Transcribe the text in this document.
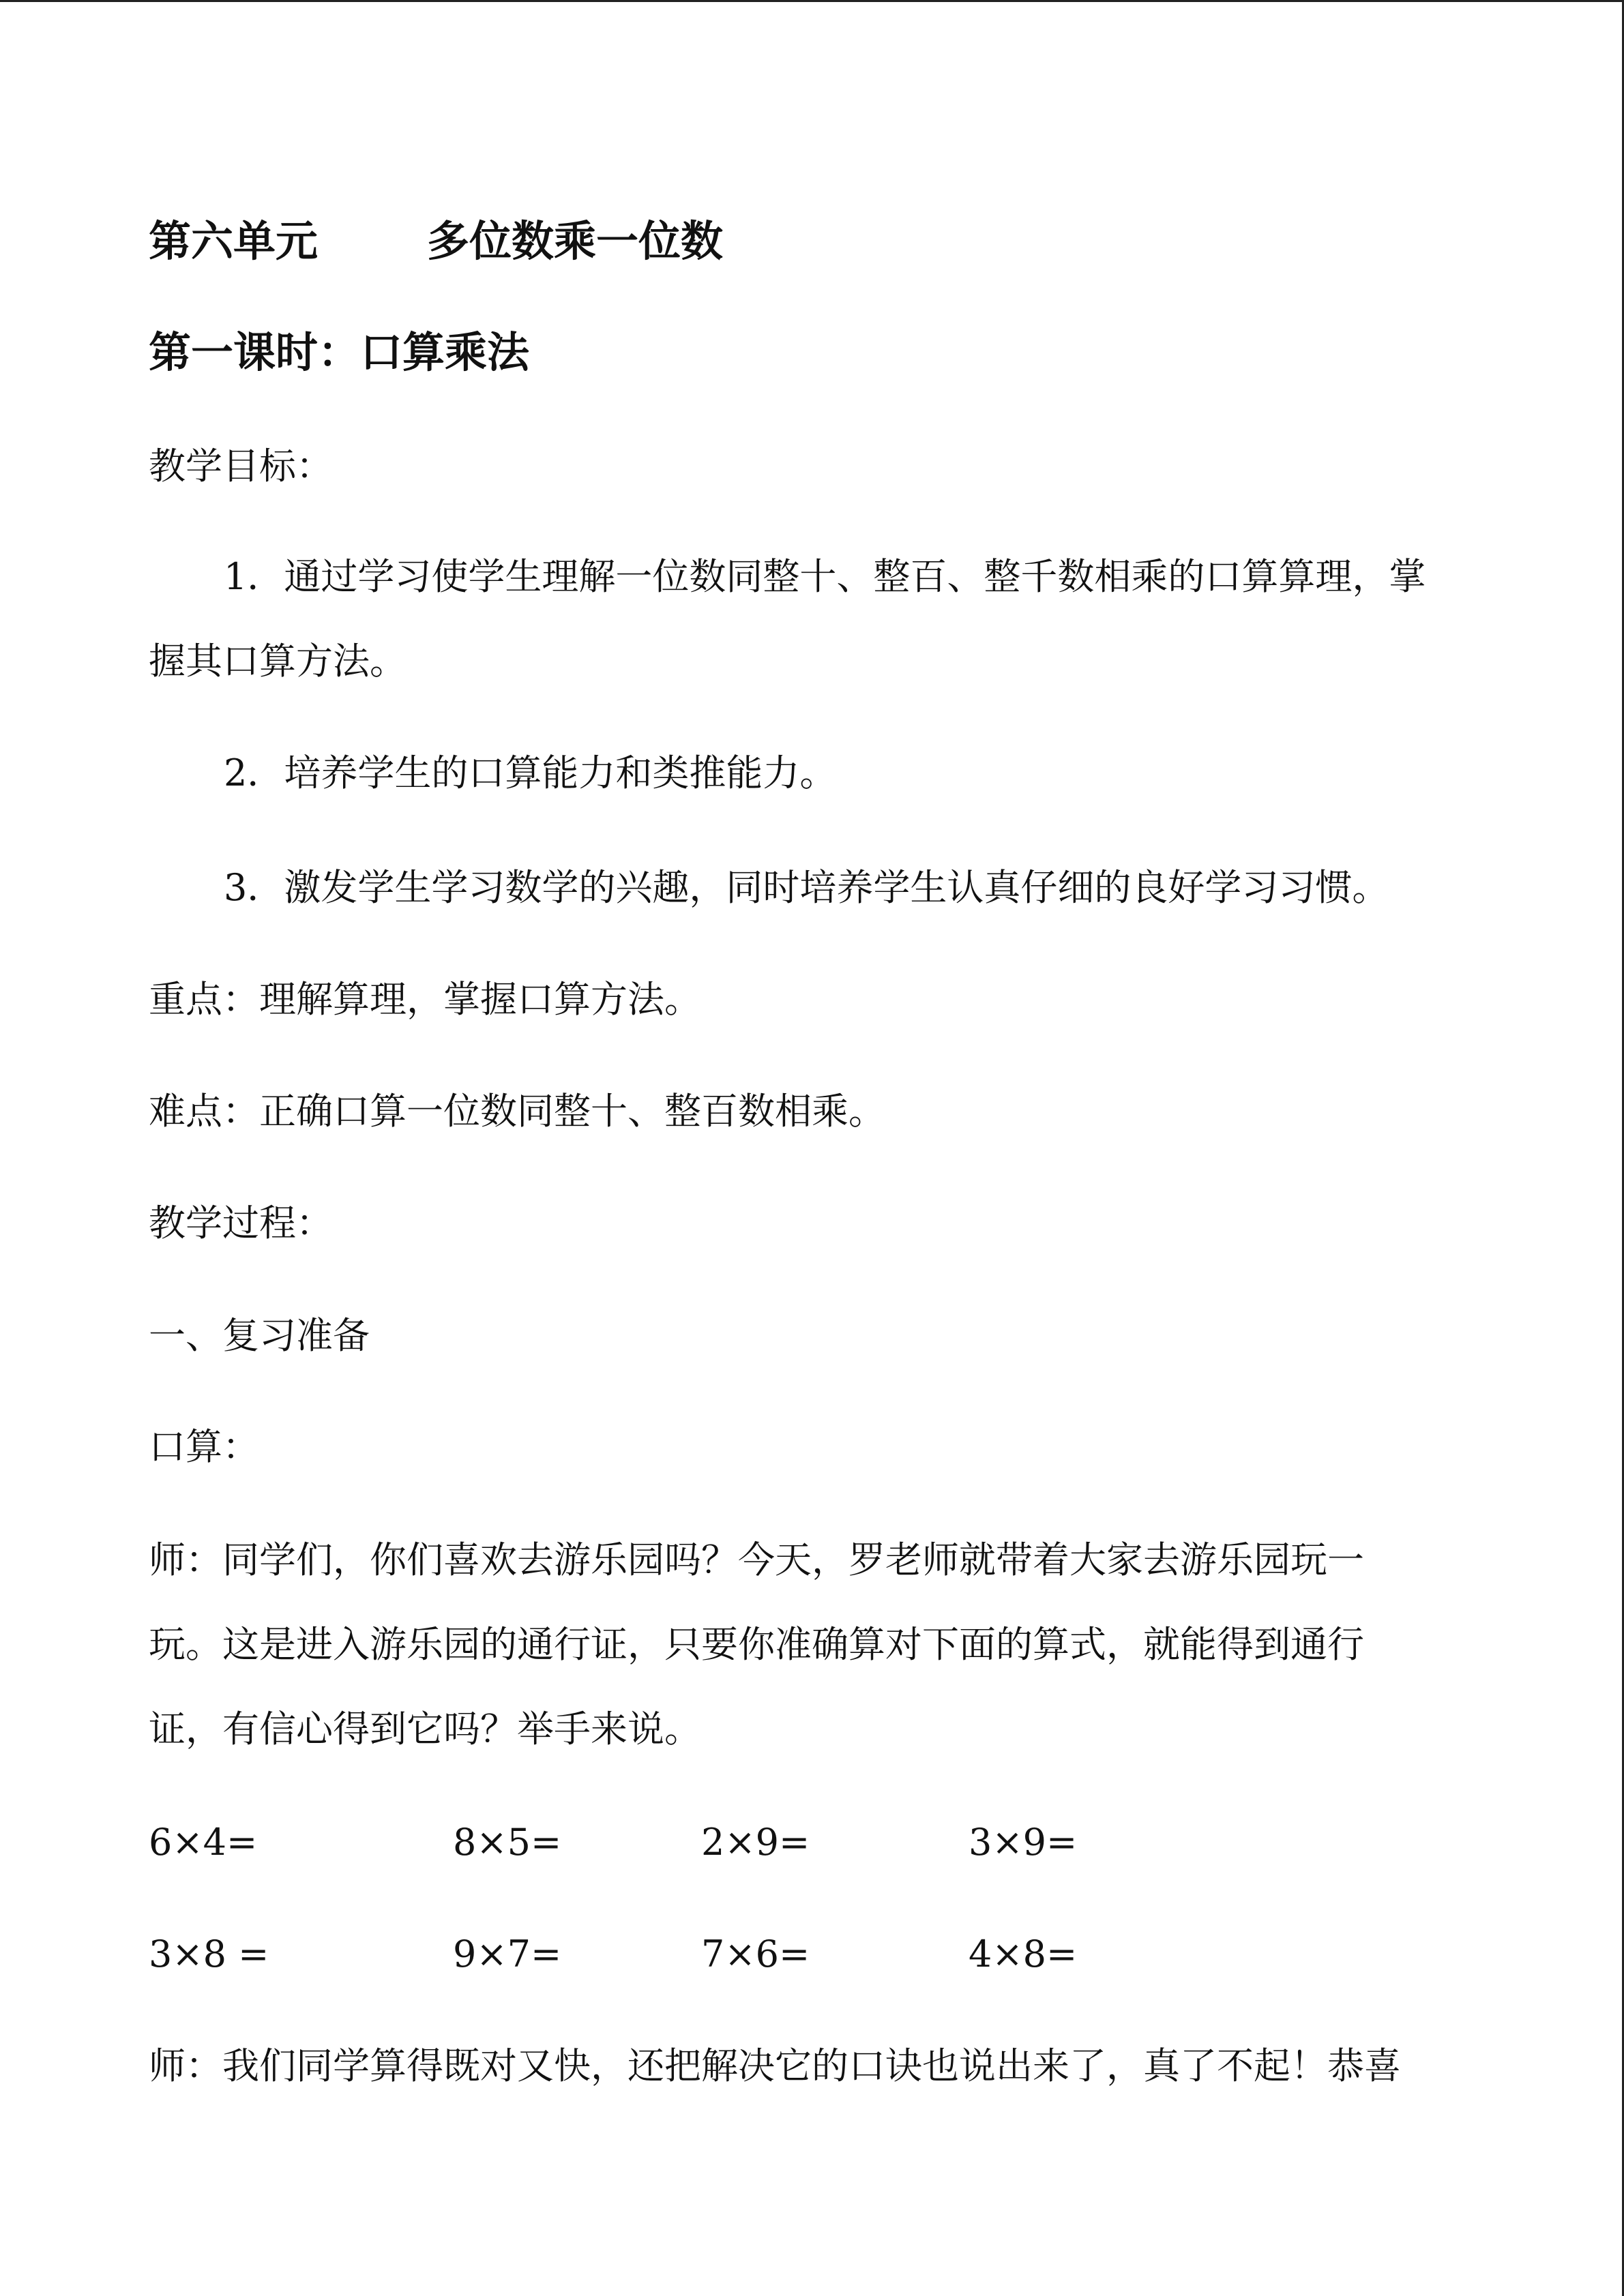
第六单元	多位数乘一位数
第一课时：口算乘法
教学目标：
1．通过学习使学生理解一位数同整十、整百、整千数相乘的口算算理，掌
握其口算方法。
2．培养学生的口算能力和类推能力。
3．激发学生学习数学的兴趣，同时培养学生认真仔细的良好学习习惯。
重点：理解算理，掌握口算方法。
难点：正确口算一位数同整十、整百数相乘。
教学过程：
一、复习准备
口算：
师：同学们，你们喜欢去游乐园吗？今天，罗老师就带着大家去游乐园玩一
玩。这是进入游乐园的通行证，只要你准确算对下面的算式，就能得到通行
证，有信心得到它吗？举手来说。
6×4=	8×5=	2×9=	3×9=
3×8 =	9×7=	7×6=	4×8=
师：我们同学算得既对又快，还把解决它的口诀也说出来了，真了不起！恭喜
